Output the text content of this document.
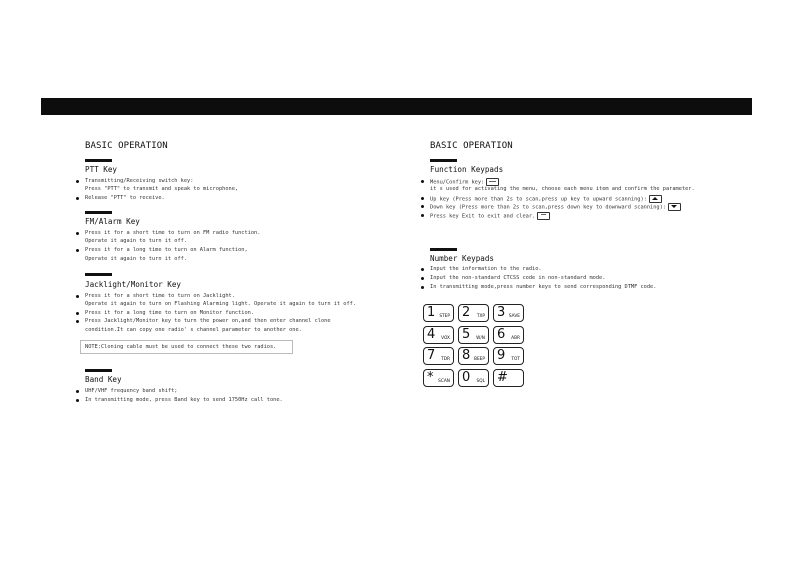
BASIC OPERATION
PTT Key
Transmitting/Receiving switch key:
Press "PTT" to transmit and speak to microphone,
Release "PTT" to receive.
FM/Alarm Key
Press it for a short time to turn on FM radio function.
Operate it again to turn it off.
Press it for a long time to turn on Alarm function,
Operate it again to turn it off.
Jacklight/Monitor Key
Press it for a short time to turn on Jacklight.
Operate it again to turn on Flashing Alarming light. Operate it again to turn it off.
Press it for a long time to turn on Monitor function.
Press Jacklight/Monitor key to turn the power on,and then enter channel clone
condition.It can copy one radio' s channel parameter to another one.
NOTE:Cloning cable must be used to connect these two radios.
Band Key
UHF/VHF frequency band shift;
In transmitting mode, press Band key to send 1750Hz call tone.
BASIC OPERATION
Function Keypads
Menu/Confirm key:
it s used for activating the menu, choose each menu item and confirm the parameter.
Up key (Press more than 2s to scan,press up key to upward scanning):
Down key (Press more than 2s to scan,press down key to downward scanning):
Press key Exit to exit and clear.
Number Keypads
Input the information to the radio.
Input the non-standard CTCSS code in non-standard mode.
In transmitting mode,press number keys to send corresponding DTMF code.
1 STEP 2 TXP 3 SAVE
4 VOX 5 W/N 6 ABR
7 TDR 8 BEEP 9 TOT
* SCAN 0 SQL #
